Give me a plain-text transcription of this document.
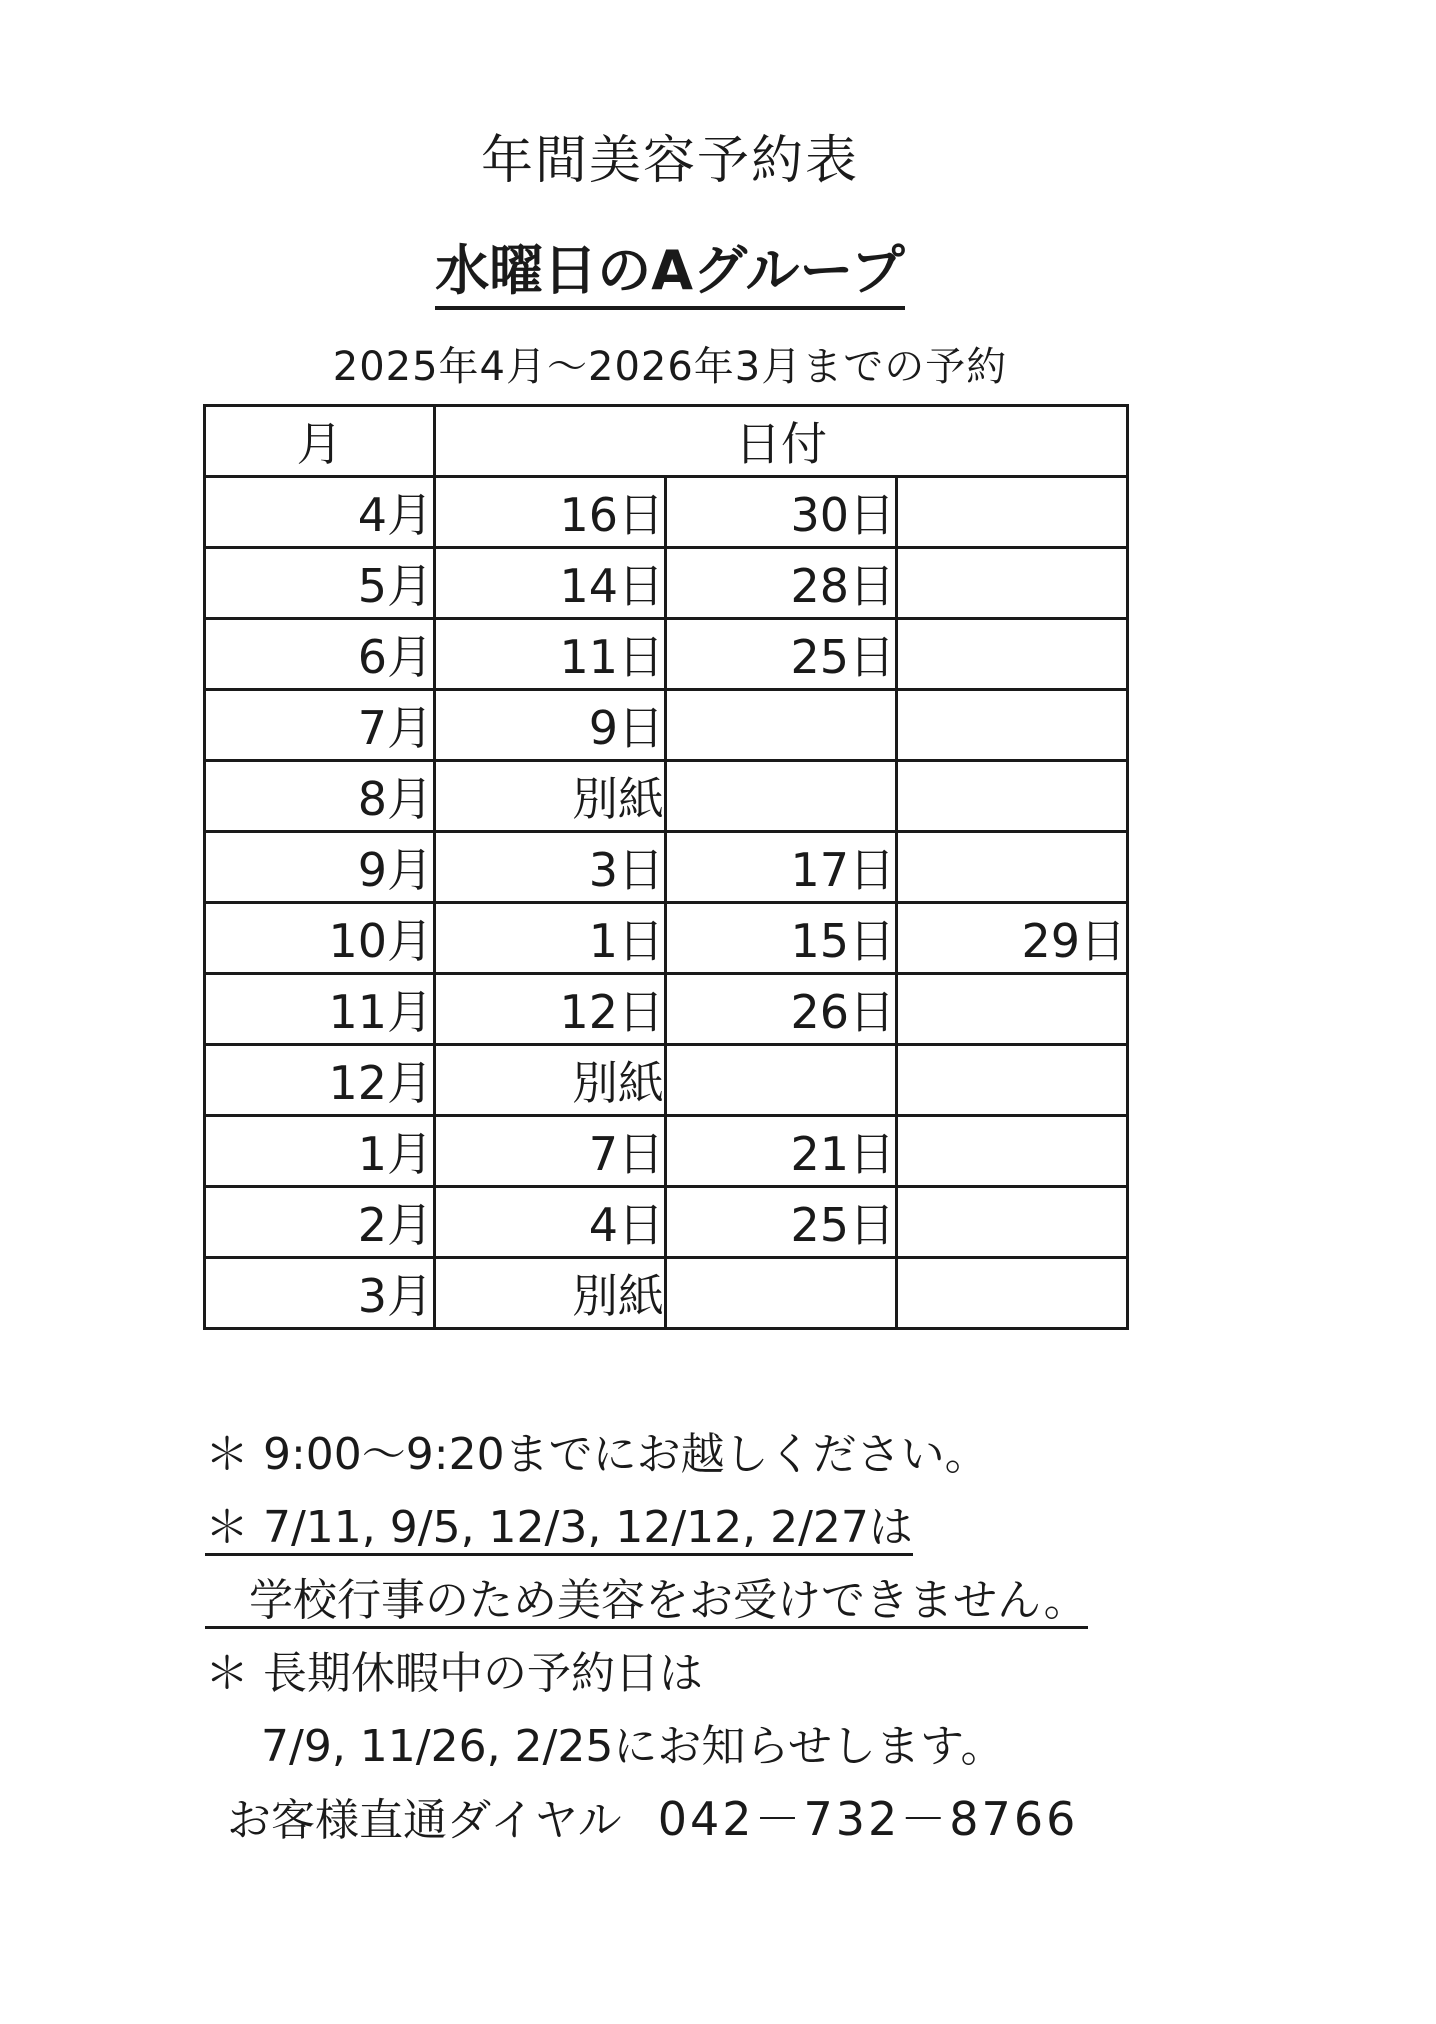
年間美容予約表
水曜日のAグループ
2025年4月～2026年3月までの予約
月	日付		
4月	16日	30日	
5月	14日	28日	
6月	11日	25日	
7月	9日		
8月	別紙		
9月	3日	17日	
10月	1日	15日	29日
11月	12日	26日	
12月	別紙		
1月	7日	21日	
2月	4日	25日	
3月	別紙		
＊ 9:00～9:20までにお越しください。
＊ 7/11, 9/5, 12/3, 12/12, 2/27は
　学校行事のため美容をお受けできません。
＊ 長期休暇中の予約日は
7/9, 11/26, 2/25にお知らせします。
お客様直通ダイヤル 042－732－8766
